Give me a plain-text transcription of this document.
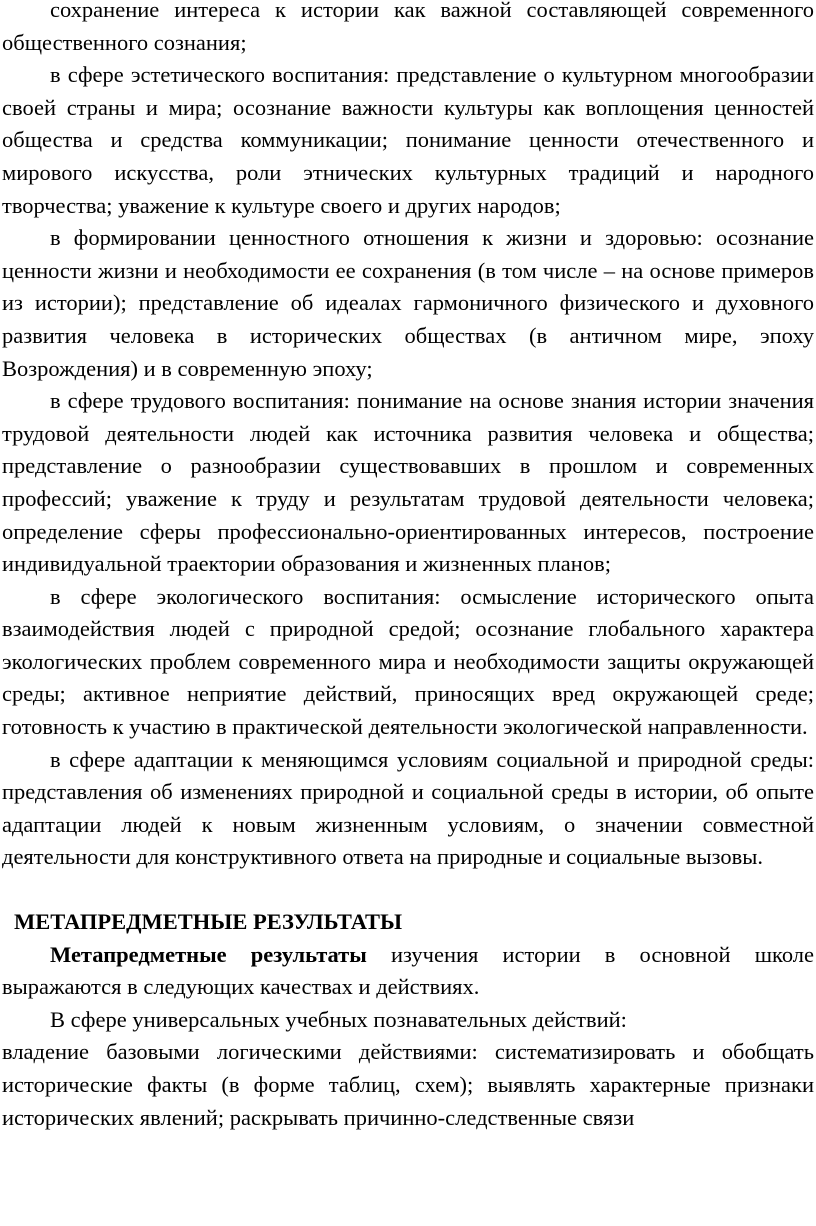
сохранение интереса к истории как важной составляющей современного общественного сознания;

в сфере эстетического воспитания: представление о культурном многообразии своей страны и мира; осознание важности культуры как воплощения ценностей общества и средства коммуникации; понимание ценности отечественного и мирового искусства, роли этнических культурных традиций и народного творчества; уважение к культуре своего и других народов;

в формировании ценностного отношения к жизни и здоровью: осознание ценности жизни и необходимости ее сохранения (в том числе – на основе примеров из истории); представление об идеалах гармоничного физического и духовного развития человека в исторических обществах (в античном мире, эпоху Возрождения) и в современную эпоху;

в сфере трудового воспитания: понимание на основе знания истории значения трудовой деятельности людей как источника развития человека и общества; представление о разнообразии существовавших в прошлом и современных профессий; уважение к труду и результатам трудовой деятельности человека; определение сферы профессионально-ориентированных интересов, построение индивидуальной траектории образования и жизненных планов;

в сфере экологического воспитания: осмысление исторического опыта взаимодействия людей с природной средой; осознание глобального характера экологических проблем современного мира и необходимости защиты окружающей среды; активное неприятие действий, приносящих вред окружающей среде; готовность к участию в практической деятельности экологической направленности.

в сфере адаптации к меняющимся условиям социальной и природной среды: представления об изменениях природной и социальной среды в истории, об опыте адаптации людей к новым жизненным условиям, о значении совместной деятельности для конструктивного ответа на природные и социальные вызовы.

МЕТАПРЕДМЕТНЫЕ РЕЗУЛЬТАТЫ

Метапредметные результаты изучения истории в основной школе выражаются в следующих качествах и действиях.

В сфере универсальных учебных познавательных действий:

владение базовыми логическими действиями: систематизировать и обобщать исторические факты (в форме таблиц, схем); выявлять характерные признаки исторических явлений; раскрывать причинно-следственные связи
